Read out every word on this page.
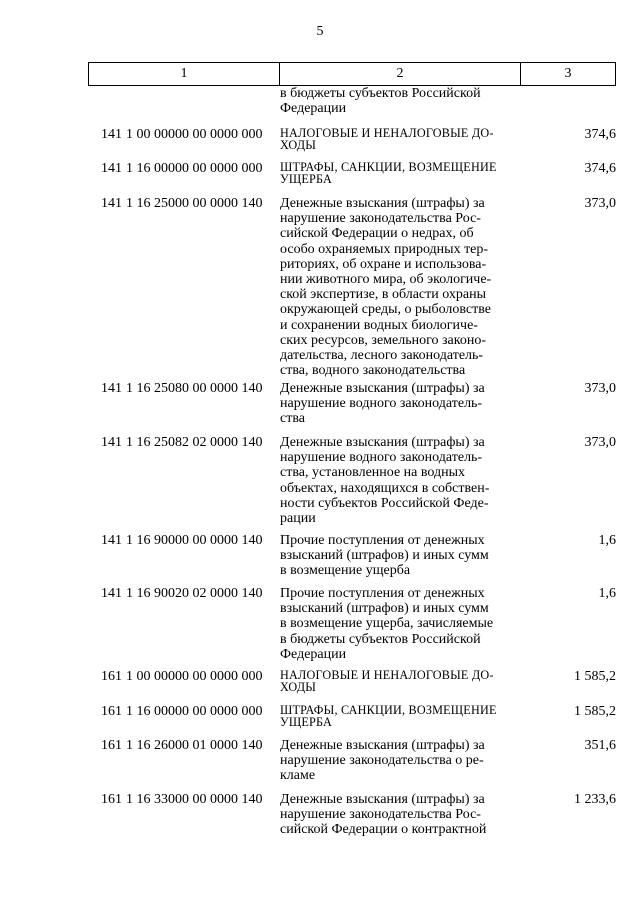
5
1	2	3
в бюджеты субъектов Российской
Федерации
141 1 00 00000 00 0000 000	НАЛОГОВЫЕ И НЕНАЛОГОВЫЕ ДО-
ХОДЫ
374,6
141 1 16 00000 00 0000 000	ШТРАФЫ, САНКЦИИ, ВОЗМЕЩЕНИЕ
УЩЕРБА
374,6
141 1 16 25000 00 0000 140	Денежные взыскания (штрафы) за
нарушение законодательства Рос-
сийской Федерации о недрах, об
особо охраняемых природных тер-
риториях, об охране и использова-
нии животного мира, об экологиче-
ской экспертизе, в области охраны
окружающей среды, о рыболовстве
и сохранении водных биологиче-
ских ресурсов, земельного законо-
дательства, лесного законодатель-
ства, водного законодательства
373,0
141 1 16 25080 00 0000 140	Денежные взыскания (штрафы) за
нарушение водного законодатель-
ства
373,0
141 1 16 25082 02 0000 140	Денежные взыскания (штрафы) за
нарушение водного законодатель-
ства, установленное на водных
объектах, находящихся в собствен-
ности субъектов Российской Феде-
рации
373,0
141 1 16 90000 00 0000 140	Прочие поступления от денежных
взысканий (штрафов) и иных сумм
в возмещение ущерба
1,6
141 1 16 90020 02 0000 140	Прочие поступления от денежных
взысканий (штрафов) и иных сумм
в возмещение ущерба, зачисляемые
в бюджеты субъектов Российской
Федерации
1,6
161 1 00 00000 00 0000 000	НАЛОГОВЫЕ И НЕНАЛОГОВЫЕ ДО-
ХОДЫ
1 585,2
161 1 16 00000 00 0000 000	ШТРАФЫ, САНКЦИИ, ВОЗМЕЩЕНИЕ
УЩЕРБА
1 585,2
161 1 16 26000 01 0000 140	Денежные взыскания (штрафы) за
нарушение законодательства о ре-
кламе
351,6
161 1 16 33000 00 0000 140	Денежные взыскания (штрафы) за
нарушение законодательства Рос-
сийской Федерации о контрактной
1 233,6
